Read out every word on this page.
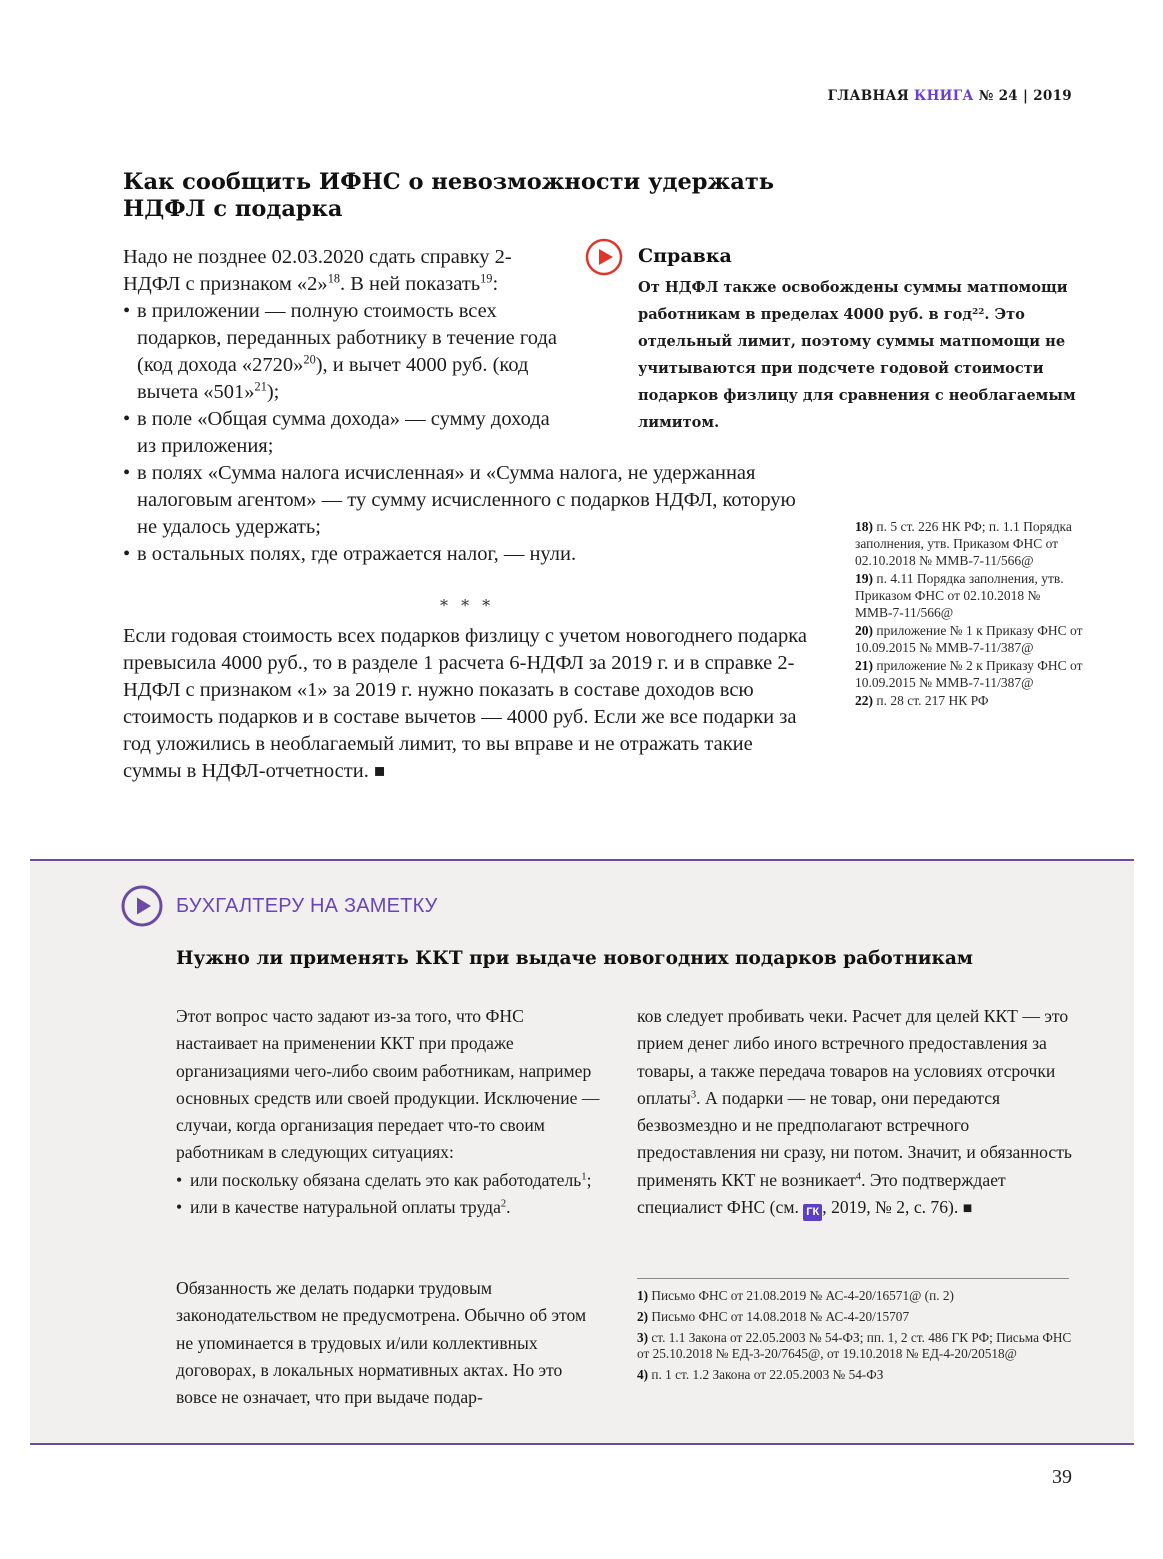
ГЛАВНАЯ КНИГА № 24 | 2019
Как сообщить ИФНС о невозможности удержать НДФЛ с подарка
Надо не позднее 02.03.2020 сдать справку 2-НДФЛ с признаком «2»$^{18}$. В ней показать$^{19}$:
• в приложении — полную стоимость всех подарков, переданных работнику в течение года (код дохода «2720»$^{20}$), и вычет 4000 руб. (код вычета «501»$^{21}$);
• в поле «Общая сумма дохода» — сумму дохода из приложения;
• в полях «Сумма налога исчисленная» и «Сумма налога, не удержанная налоговым агентом» — ту сумму исчисленного с подарков НДФЛ, которую не удалось удержать;
• в остальных полях, где отражается налог, — нули.
* * *
Если годовая стоимость всех подарков физлицу с учетом новогоднего подарка превысила 4000 руб., то в разделе 1 расчета 6-НДФЛ за 2019 г. и в справке 2-НДФЛ с признаком «1» за 2019 г. нужно показать в составе доходов всю стоимость подарков и в составе вычетов — 4000 руб. Если же все подарки за год уложились в необлагаемый лимит, то вы вправе и не отражать такие суммы в НДФЛ-отчетности. ■
Справка
От НДФЛ также освобождены суммы матпомощи работникам в пределах 4000 руб. в год$^{22}$. Это отдельный лимит, поэтому суммы матпомощи не учитываются при подсчете годовой стоимости подарков физлицу для сравнения с необлагаемым лимитом.
18) п. 5 ст. 226 НК РФ; п. 1.1 Порядка заполнения, утв. Приказом ФНС от 02.10.2018 № ММВ-7-11/566@
19) п. 4.11 Порядка заполнения, утв. Приказом ФНС от 02.10.2018 № ММВ-7-11/566@
20) приложение № 1 к Приказу ФНС от 10.09.2015 № ММВ-7-11/387@
21) приложение № 2 к Приказу ФНС от 10.09.2015 № ММВ-7-11/387@
22) п. 28 ст. 217 НК РФ
БУХГАЛТЕРУ НА ЗАМЕТКУ
Нужно ли применять ККТ при выдаче новогодних подарков работникам
Этот вопрос часто задают из-за того, что ФНС настаивает на применении ККТ при продаже организациями чего-либо своим работникам, например основных средств или своей продукции. Исключение — случаи, когда организация передает что-то своим работникам в следующих ситуациях:
• или поскольку обязана сделать это как работодатель$^1$;
• или в качестве натуральной оплаты труда$^2$.
Обязанность же делать подарки трудовым законодательством не предусмотрена. Обычно об этом не упоминается в трудовых и/или коллективных договорах, в локальных нормативных актах. Но это вовсе не означает, что при выдаче подар-
ков следует пробивать чеки. Расчет для целей ККТ — это прием денег либо иного встречного предоставления за товары, а также передача товаров на условиях отсрочки оплаты$^3$. А подарки — не товар, они передаются безвозмездно и не предполагают встречного предоставления ни сразу, ни потом. Значит, и обязанность применять ККТ не возникает$^4$. Это подтверждает специалист ФНС (см. ГК , 2019, № 2, с. 76). ■
1) Письмо ФНС от 21.08.2019 № АС-4-20/16571@ (п. 2)
2) Письмо ФНС от 14.08.2018 № АС-4-20/15707
3) ст. 1.1 Закона от 22.05.2003 № 54-ФЗ; пп. 1, 2 ст. 486 ГК РФ; Письма ФНС от 25.10.2018 № ЕД-3-20/7645@, от 19.10.2018 № ЕД-4-20/20518@
4) п. 1 ст. 1.2 Закона от 22.05.2003 № 54-ФЗ
39
